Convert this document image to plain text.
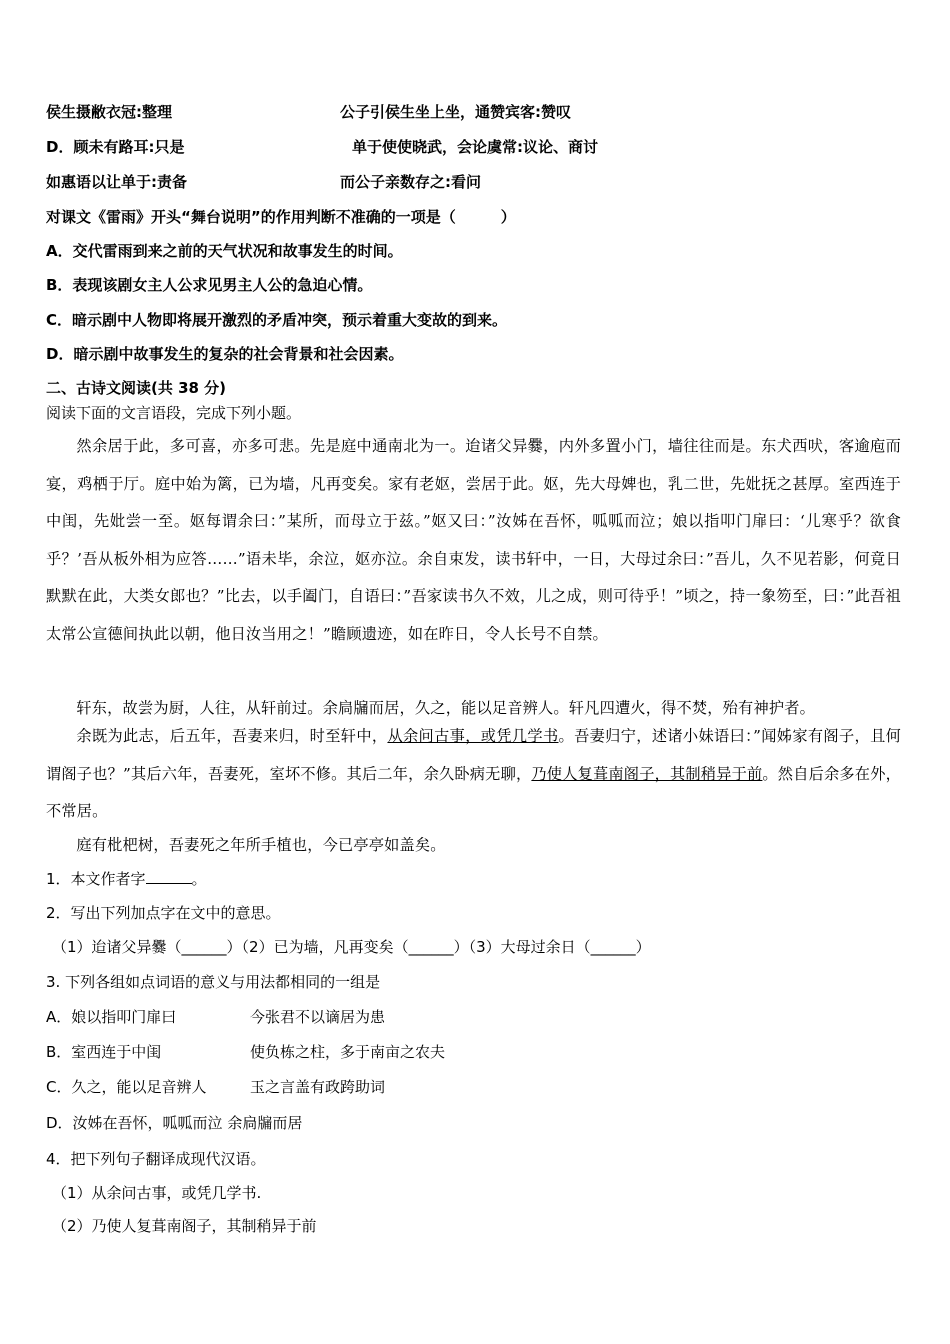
侯生摄敝衣冠:整理	公子引侯生坐上坐，通赞宾客:赞叹
D．顾未有路耳:只是	单于使使晓武，会论虞常:议论、商讨
如惠语以让单于:责备	而公子亲数存之:看问
对课文《雷雨》开头“舞台说明”的作用判断不准确的一项是（　　　）
A．交代雷雨到来之前的天气状况和故事发生的时间。
B．表现该剧女主人公求见男主人公的急迫心情。
C．暗示剧中人物即将展开激烈的矛盾冲突，预示着重大变故的到来。
D．暗示剧中故事发生的复杂的社会背景和社会因素。
二、古诗文阅读(共 38 分)
阅读下面的文言语段，完成下列小题。
然余居于此，多可喜，亦多可悲。先是庭中通南北为一。迨诸父异爨，内外多置小门，墙往往而是。东犬西吠，客逾庖而宴，鸡栖于厅。庭中始为篱，已为墙，凡再变矣。家有老妪，尝居于此。妪，先大母婢也，乳二世，先妣抚之甚厚。室西连于中闺，先妣尝一至。妪每谓余曰：”某所，而母立于兹。”妪又曰：”汝姊在吾怀，呱呱而泣；娘以指叩门扉曰：‘儿寒乎？欲食乎？’吾从板外相为应答……”语未毕，余泣，妪亦泣。余自束发，读书轩中，一日，大母过余曰：”吾儿，久不见若影，何竟日默默在此，大类女郎也？”比去，以手阖门，自语曰：”吾家读书久不效，儿之成，则可待乎！”顷之，持一象笏至，曰：”此吾祖太常公宣德间执此以朝，他日汝当用之！”瞻顾遗迹，如在昨日，令人长号不自禁。
轩东，故尝为厨，人往，从轩前过。余扃牖而居，久之，能以足音辨人。轩凡四遭火，得不焚，殆有神护者。
余既为此志，后五年，吾妻来归，时至轩中，从余问古事，或凭几学书。吾妻归宁，述诸小妹语曰：”闻姊家有阁子，且何谓阁子也？”其后六年，吾妻死，室坏不修。其后二年，余久卧病无聊，乃使人复葺南阁子，其制稍异于前。然自后余多在外，不常居。
庭有枇杷树，吾妻死之年所手植也，今已亭亭如盖矣。
1．本文作者字	。
2．写出下列加点字在文中的意思。
（1）迨诸父异爨（______）（2）已为墙，凡再变矣（______）（3）大母过余日（______）
3. 下列各组如点词语的意义与用法都相同的一组是
A．娘以指叩门扉曰	今张君不以谪居为患
B．室西连于中闺	使负栋之柱，多于南亩之农夫
C．久之，能以足音辨人	玉之言盖有政跨助词
D．汝姊在吾怀，呱呱而泣 余扃牖而居
4．把下列句子翻译成现代汉语。
（1）从余问古事，或凭几学书.
（2）乃使人复葺南阁子，其制稍异于前
